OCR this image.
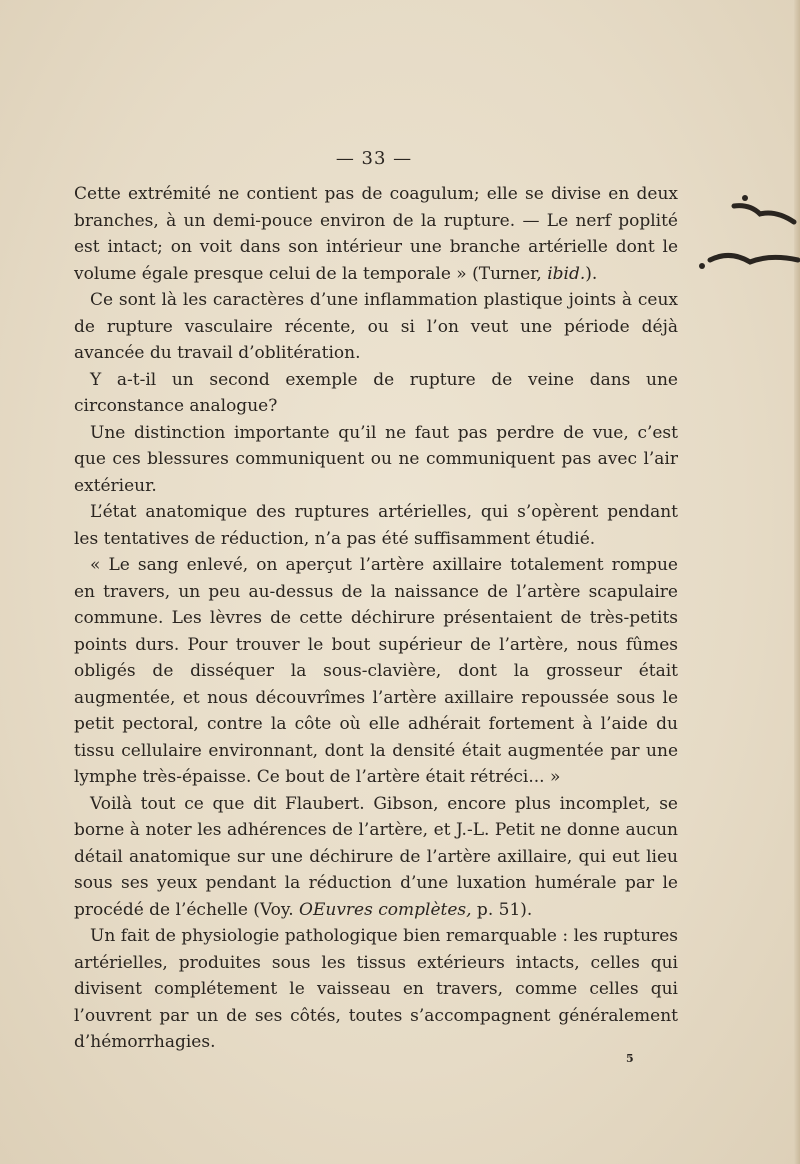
— 33 —

Cette extrémité ne contient pas de coagulum; elle se divise en deux branches, à un demi-pouce environ de la rupture. — Le nerf poplité est intact; on voit dans son intérieur une branche artérielle dont le volume égale presque celui de la temporale » (Turner, ibid.).

Ce sont là les caractères d’une inflammation plastique joints à ceux de rupture vasculaire récente, ou si l’on veut une période déjà avancée du travail d’oblitération.

Y a-t-il un second exemple de rupture de veine dans une circonstance analogue?

Une distinction importante qu’il ne faut pas perdre de vue, c’est que ces blessures communiquent ou ne communiquent pas avec l’air extérieur.

L’état anatomique des ruptures artérielles, qui s’opèrent pendant les tentatives de réduction, n’a pas été suffisamment étudié.

« Le sang enlevé, on aperçut l’artère axillaire totalement rompue en travers, un peu au-dessus de la naissance de l’artère scapulaire commune. Les lèvres de cette déchirure présentaient de très-petits points durs. Pour trouver le bout supérieur de l’artère, nous fûmes obligés de disséquer la sous-clavière, dont la grosseur était augmentée, et nous découvrîmes l’artère axillaire repoussée sous le petit pectoral, contre la côte où elle adhérait fortement à l’aide du tissu cellulaire environnant, dont la densité était augmentée par une lymphe très-épaisse. Ce bout de l’artère était rétréci... »

Voilà tout ce que dit Flaubert. Gibson, encore plus incomplet, se borne à noter les adhérences de l’artère, et J.-L. Petit ne donne aucun détail anatomique sur une déchirure de l’artère axillaire, qui eut lieu sous ses yeux pendant la réduction d’une luxation humérale par le procédé de l’échelle (Voy. OEuvres complètes, p. 51).

Un fait de physiologie pathologique bien remarquable : les ruptures artérielles, produites sous les tissus extérieurs intacts, celles qui divisent complétement le vaisseau en travers, comme celles qui l’ouvrent par un de ses côtés, toutes s’accompagnent généralement d’hémorrhagies.

5
